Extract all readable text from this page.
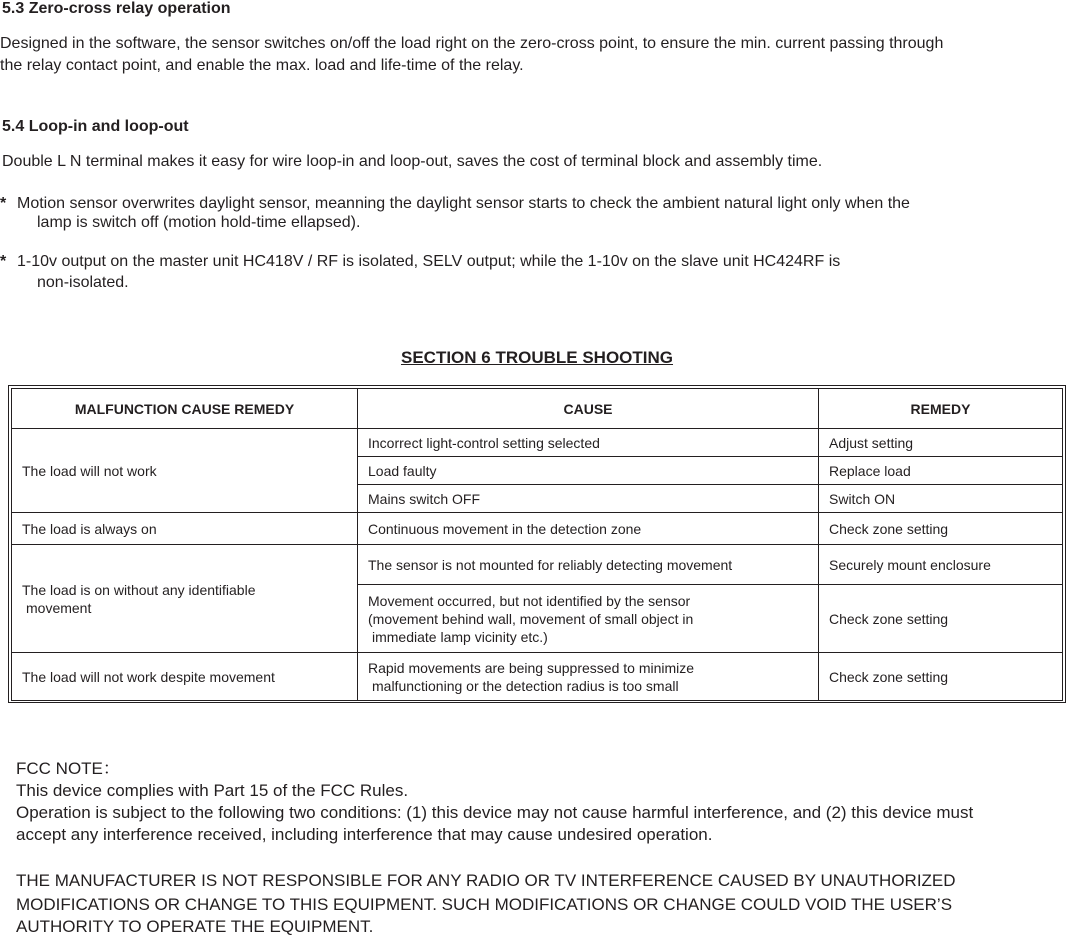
5.3 Zero-cross relay operation
Designed in the software, the sensor switches on/off the load right on the zero-cross point, to ensure the min. current passing through
the relay contact point, and enable the max. load and life-time of the relay.
5.4 Loop-in and loop-out
Double L N terminal makes it easy for wire loop-in and loop-out, saves the cost of terminal block and assembly time.
* Motion sensor overwrites daylight sensor, meanning the daylight sensor starts to check the ambient natural light only when the
lamp is switch off (motion hold-time ellapsed).
* 1-10v output on the master unit HC418V / RF is isolated, SELV output; while the 1-10v on the slave unit HC424RF is
non-isolated.
SECTION 6 TROUBLE SHOOTING
MALFUNCTION CAUSE REMEDY	CAUSE	REMEDY
The load will not work	Incorrect light-control setting selected	Adjust setting
	Load faulty	Replace load
	Mains switch OFF	Switch ON
The load is always on	Continuous movement in the detection zone	Check zone setting

The load is on without any identifiable
movement	The sensor is not mounted for reliably detecting movement	Securely mount enclosure

	Movement occurred, but not identified by the sensor
(movement behind wall, movement of small object in
immediate lamp vicinity etc.)	Check zone setting
The load will not work despite movement	Rapid movements are being suppressed to minimize
malfunctioning or the detection radius is too small	Check zone setting
FCC NOTE：
This device complies with Part 15 of the FCC Rules.
Operation is subject to the following two conditions: (1) this device may not cause harmful interference, and (2) this device must
accept any interference received, including interference that may cause undesired operation.
THE MANUFACTURER IS NOT RESPONSIBLE FOR ANY RADIO OR TV INTERFERENCE CAUSED BY UNAUTHORIZED
MODIFICATIONS OR CHANGE TO THIS EQUIPMENT. SUCH MODIFICATIONS OR CHANGE COULD VOID THE USER’S
AUTHORITY TO OPERATE THE EQUIPMENT.
